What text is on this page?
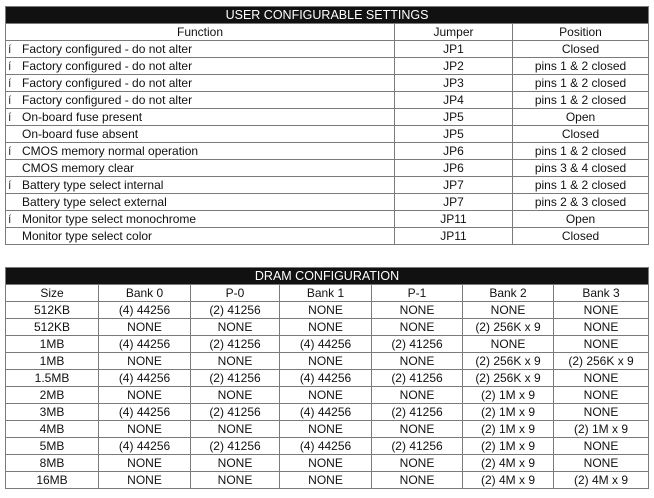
USER CONFIGURABLE SETTINGS		
Function	Jumper	Position
í Factory configured - do not alter	JP1	Closed
í Factory configured - do not alter	JP2	pins 1 & 2 closed
í Factory configured - do not alter	JP3	pins 1 & 2 closed
í Factory configured - do not alter	JP4	pins 1 & 2 closed
í On-board fuse present	JP5	Open
On-board fuse absent	JP5	Closed
í CMOS memory normal operation	JP6	pins 1 & 2 closed
CMOS memory clear	JP6	pins 3 & 4 closed
í Battery type select internal	JP7	pins 1 & 2 closed
Battery type select external	JP7	pins 2 & 3 closed
í Monitor type select monochrome	JP11	Open
Monitor type select color	JP11	Closed
DRAM CONFIGURATION						
Size	Bank 0	P-0	Bank 1	P-1	Bank 2	Bank 3
512KB	(4) 44256	(2) 41256	NONE	NONE	NONE	NONE
512KB	NONE	NONE	NONE	NONE	(2) 256K x 9	NONE
1MB	(4) 44256	(2) 41256	(4) 44256	(2) 41256	NONE	NONE
1MB	NONE	NONE	NONE	NONE	(2) 256K x 9	(2) 256K x 9
1.5MB	(4) 44256	(2) 41256	(4) 44256	(2) 41256	(2) 256K x 9	NONE
2MB	NONE	NONE	NONE	NONE	(2) 1M x 9	NONE
3MB	(4) 44256	(2) 41256	(4) 44256	(2) 41256	(2) 1M x 9	NONE
4MB	NONE	NONE	NONE	NONE	(2) 1M x 9	(2) 1M x 9
5MB	(4) 44256	(2) 41256	(4) 44256	(2) 41256	(2) 1M x 9	NONE
8MB	NONE	NONE	NONE	NONE	(2) 4M x 9	NONE
16MB	NONE	NONE	NONE	NONE	(2) 4M x 9	(2) 4M x 9
